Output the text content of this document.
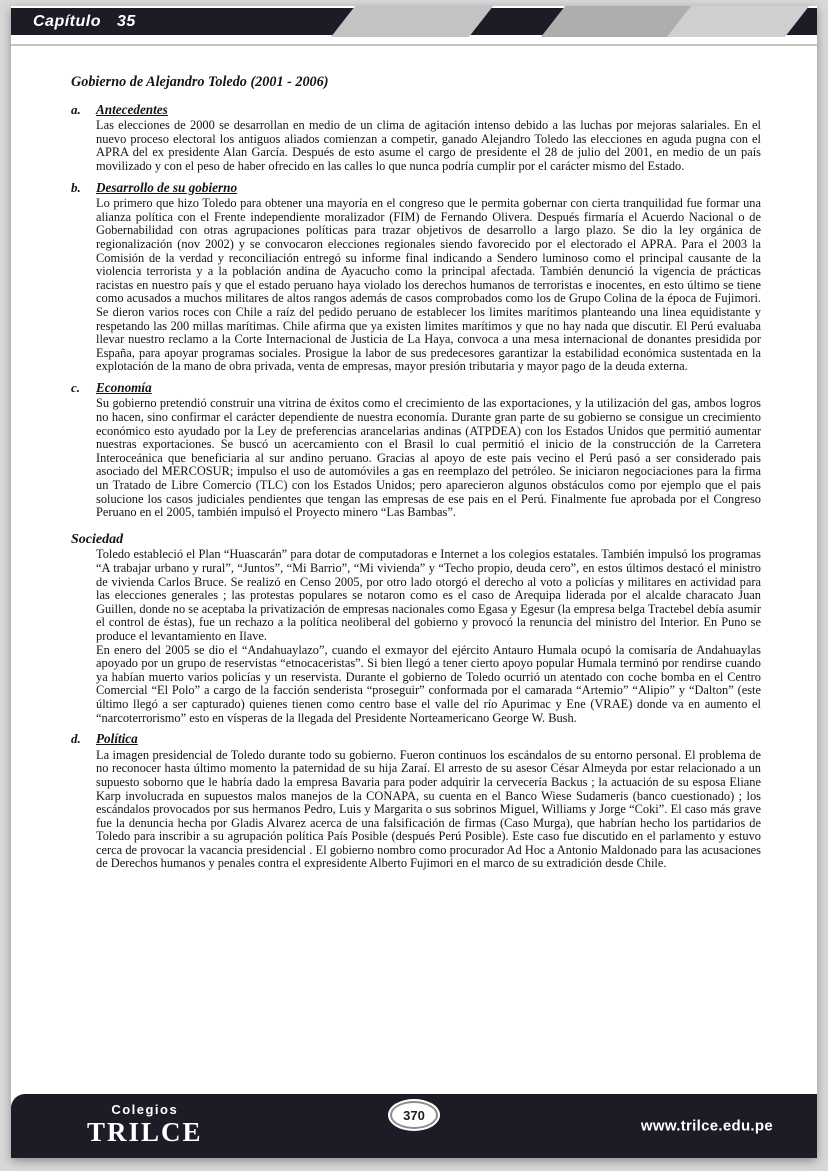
Capítulo 35
Gobierno de Alejandro Toledo (2001 - 2006)
a. Antecedentes

Las elecciones de 2000 se desarrollan en medio de un clima de agitación intenso debido a las luchas por mejoras salariales. En el nuevo proceso electoral los antiguos aliados comienzan a competir, ganado Alejandro Toledo las elecciones en aguda pugna con el APRA del ex presidente Alan García. Después de esto asume el cargo de presidente el 28 de julio del 2001, en medio de un país movilizado y con el peso de haber ofrecido en las calles lo que nunca podría cumplir por el carácter mismo del Estado.

b. Desarrollo de su gobierno

Lo primero que hizo Toledo para obtener una mayoría en el congreso que le permita gobernar con cierta tranquilidad fue formar una alianza política con el Frente independiente moralizador (FIM) de Fernando Olivera. Después firmaría el Acuerdo Nacional o de Gobernabilidad con otras agrupaciones políticas para trazar objetivos de desarrollo a largo plazo. Se dio la ley orgánica de regionalización (nov 2002) y se convocaron elecciones regionales siendo favorecido por el electorado el APRA. Para el 2003 la Comisión de la verdad y reconciliación entregó su informe final indicando a Sendero luminoso como el principal causante de la violencia terrorista y a la población andina de Ayacucho como la principal afectada. También denunció la vigencia de prácticas racistas en nuestro país y que el estado peruano haya violado los derechos humanos de terroristas e inocentes, en esto último se tiene como acusados a muchos militares de altos rangos además de casos comprobados como los de Grupo Colina de la época de Fujimori. Se dieron varios roces con Chile a raíz del pedido peruano de establecer los limites marítimos planteando una linea equidistante y respetando las 200 millas marítimas. Chile afirma que ya existen limites marítimos y que no hay nada que discutir. El Perú evaluaba llevar nuestro reclamo a la Corte Internacional de Justicia de La Haya, convoca a una mesa internacional de donantes presidida por España, para apoyar programas sociales. Prosigue la labor de sus predecesores garantizar la estabilidad económica sustentada en la explotación de la mano de obra privada, venta de empresas, mayor presión tributaria y mayor pago de la deuda externa.

c. Economía

Su gobierno pretendió construir una vitrina de éxitos como el crecimiento de las exportaciones, y la utilización del gas, ambos logros no hacen, sino confirmar el carácter dependiente de nuestra economía. Durante gran parte de su gobierno se consigue un crecimiento económico esto ayudado por la Ley de preferencias arancelarias andinas (ATPDEA) con los Estados Unidos que permitió aumentar nuestras exportaciones. Se buscó un acercamiento con el Brasil lo cual permitió el inicio de la construcción de la Carretera Interoceánica que beneficiaria al sur andino peruano. Gracias al apoyo de este pais vecino el Perú pasó a ser considerado pais asociado del MERCOSUR; impulso el uso de automóviles a gas en reemplazo del petróleo. Se iniciaron negociaciones para la firma un Tratado de Libre Comercio (TLC) con los Estados Unidos; pero aparecieron algunos obstáculos como por ejemplo que el pais solucione los casos judiciales pendientes que tengan las empresas de ese pais en el Perú. Finalmente fue aprobada por el Congreso Peruano en el 2005, también impulsó el Proyecto minero “Las Bambas”.

Sociedad

Toledo estableció el Plan “Huascarán” para dotar de computadoras e Internet a los colegios estatales. También impulsó los programas “A trabajar urbano y rural”, “Juntos”, “Mi Barrio”, “Mi vivienda” y “Techo propio, deuda cero”, en estos últimos destacó el ministro de vivienda Carlos Bruce. Se realizó en Censo 2005, por otro lado otorgó el derecho al voto a policías y militares en actividad para las elecciones generales ; las protestas populares se notaron como es el caso de Arequipa liderada por el alcalde characato Juan Guillen, donde no se aceptaba la privatización de empresas nacionales como Egasa y Egesur (la empresa belga Tractebel debía asumir el control de éstas), fue un rechazo a la política neoliberal del gobierno y provocó la renuncia del ministro del Interior. En Puno se produce el levantamiento en Ilave.

En enero del 2005 se dio el “Andahuaylazo”, cuando el exmayor del ejército Antauro Humala ocupó la comisaría de Andahuaylas apoyado por un grupo de reservistas “etnocaceristas”. Si bien llegó a tener cierto apoyo popular Humala terminó por rendirse cuando ya habían muerto varios policías y un reservista. Durante el gobierno de Toledo ocurrió un atentado con coche bomba en el Centro Comercial “El Polo” a cargo de la facción senderista “proseguir” conformada por el camarada “Artemio” “Alipio” y “Dalton” (este último llegó a ser capturado) quienes tienen como centro base el valle del río Apurimac y Ene (VRAE) donde va en aumento el “narcoterrorismo” esto en vísperas de la llegada del Presidente Norteamericano George W. Bush.

d. Política

La imagen presidencial de Toledo durante todo su gobierno. Fueron continuos los escándalos de su entorno personal. El problema de no reconocer hasta último momento la paternidad de su hija Zaraí. El arresto de su asesor César Almeyda por estar relacionado a un supuesto soborno que le habría dado la empresa Bavaria para poder adquirir la cervecería Backus ; la actuación de su esposa Eliane Karp involucrada en supuestos malos manejos de la CONAPA, su cuenta en el Banco Wiese Sudameris (banco cuestionado) ; los escándalos provocados por sus hermanos Pedro, Luis y Margarita o sus sobrinos Miguel, Williams y Jorge “Coki”. El caso más grave fue la denuncia hecha por Gladis Alvarez acerca de una falsificación de firmas (Caso Murga), que habrían hecho los partidarios de Toledo para inscribir a su agrupación política País Posible (después Perú Posible). Este caso fue discutido en el parlamento y estuvo cerca de provocar la vacancia presidencial . El gobierno nombro como procurador Ad Hoc a Antonio Maldonado para las acusaciones de Derechos humanos y penales contra el expresidente Alberto Fujimori en el marco de su extradición desde Chile.

Colegios
TRILCE
370
www.trilce.edu.pe
